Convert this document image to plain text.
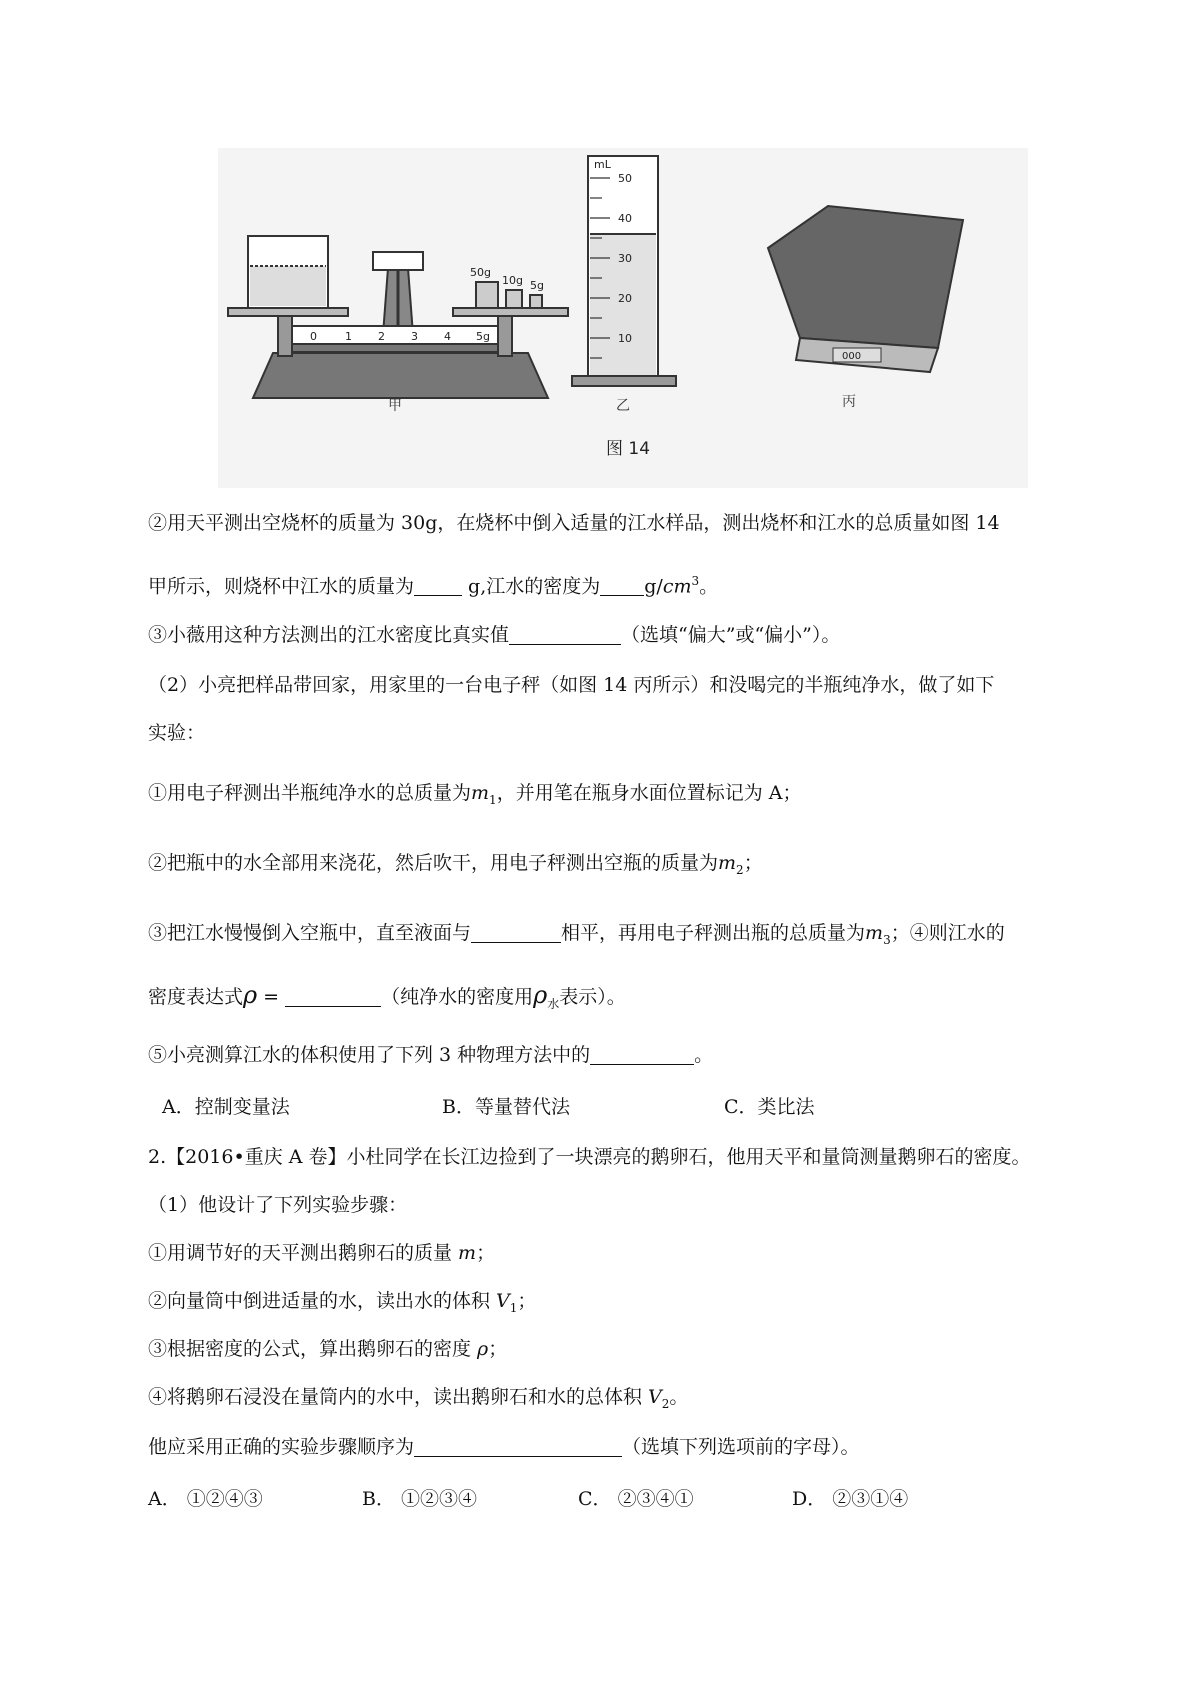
50g
10g 5g
0	1 2 3 4 5g
甲
mL
50
40
30
20
10
乙
000
丙
图 14
②用天平测出空烧杯的质量为 30g，在烧杯中倒入适量的江水样品，测出烧杯和江水的总质量如图 14
甲所示，则烧杯中江水的质量为	g,江水的密度为 $g/cm^3$。
③小薇用这种方法测出的江水密度比真实值	（选填“偏大”或“偏小”）。
（2）小亮把样品带回家，用家里的一台电子秤（如图 14 丙所示）和没喝完的半瓶纯净水，做了如下
实验：
①用电子秤测出半瓶纯净水的总质量为$m_1$，并用笔在瓶身水面位置标记为 A；
②把瓶中的水全部用来浇花，然后吹干，用电子秤测出空瓶的质量为$m_2$；
③把江水慢慢倒入空瓶中，直至液面与	相平，再用电子秤测出瓶的总质量为$m_3$；④则江水的
密度表达式ρ =	（纯净水的密度用$\rho_水$表示）。
⑤小亮测算江水的体积使用了下列 3 种物理方法中的	。
A．控制变量法	B．等量替代法	C．类比法
2.【2016•重庆 A 卷】小杜同学在长江边捡到了一块漂亮的鹅卵石，他用天平和量筒测量鹅卵石的密度。
（1）他设计了下列实验步骤：
①用调节好的天平测出鹅卵石的质量 m；
②向量筒中倒进适量的水，读出水的体积 $V_1$；
③根据密度的公式，算出鹅卵石的密度 ρ；
④将鹅卵石浸没在量筒内的水中，读出鹅卵石和水的总体积 $V_2$。
他应采用正确的实验步骤顺序为	（选填下列选项前的字母）。
A． ①②④③	B． ①②③④	C． ②③④①	D． ②③①④
